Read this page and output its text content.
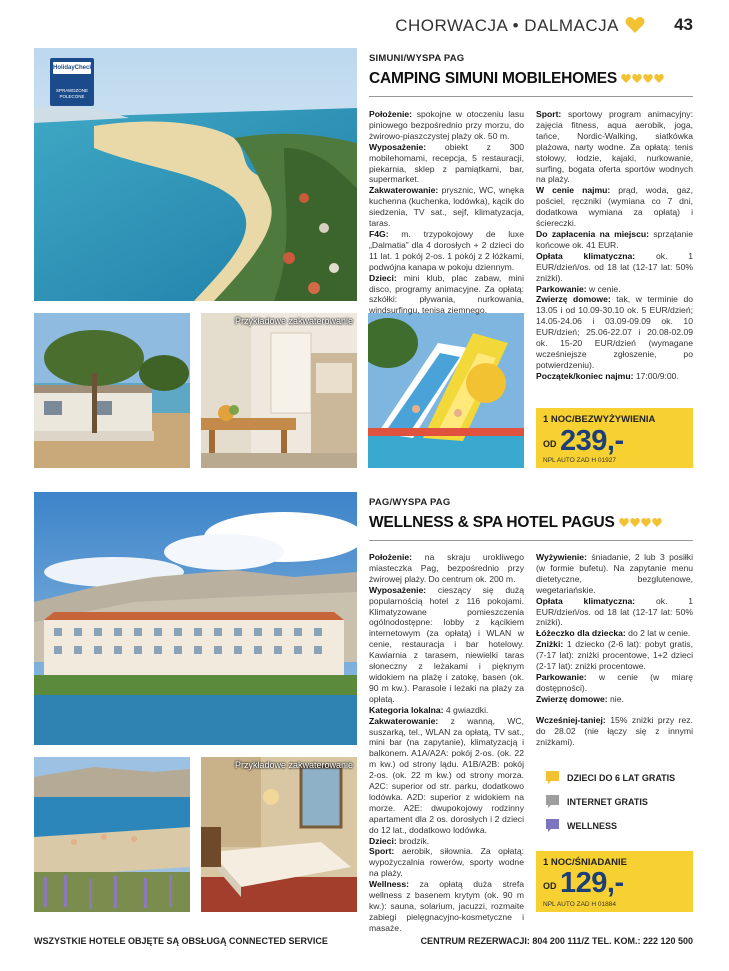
CHORWACJA • DALMACJA	43
HolidayCheck
SPRAWDZONE
POLECONE
Przykładowe zakwaterowanie
SIMUNI/WYSPA PAG
CAMPING SIMUNI MOBILEHOMES

Położenie: spokojne w otoczeniu lasu piniowego bezpośrednio przy morzu, do żwirowo-piaszczystej plaży ok. 50 m.

Wyposażenie: obiekt z 300 mobilehomami, recepcja, 5 restauracji, piekarnia, sklep z pamiątkami, bar, supermarket.

Zakwaterowanie: prysznic, WC, wnęka kuchenna (kuchenka, lodówka), kącik do siedzenia, TV sat., sejf, klimatyzacja, taras.

F4G: m. trzypokojowy de luxe „Dalmatia” dla 4 dorosłych + 2 dzieci do 11 lat. 1 pokój 2-os. 1 pokój z 2 łóżkami, podwójna kanapa w pokoju dziennym.

Dzieci: mini klub, plac zabaw, mini disco, programy animacyjne. Za opłatą: szkółki: pływania, nurkowania, windsurfingu, tenisa ziemnego.

Sport: sportowy program animacyjny: zajęcia fitness, aqua aerobik, joga, tańce, Nordic-Walking, siatkówka plażowa, narty wodne. Za opłatą: tenis stołowy, łodzie, kajaki, nurkowanie, surfing, bogata oferta sportów wodnych na plaży.

W cenie najmu: prąd, woda, gaz, pościel, ręczniki (wymiana co 7 dni, dodatkowa wymiana za opłatą) i ściereczki.

Do zapłacenia na miejscu: sprzątanie końcowe ok. 41 EUR.

Opłata klimatyczna: ok. 1 EUR/dzień/os. od 18 lat (12-17 lat: 50% zniżki).

Parkowanie: w cenie.

Zwierzę domowe: tak, w terminie do 13.05 i od 10.09-30.10 ok. 5 EUR/dzień; 14.05-24.06 i 03.09-09.09 ok. 10 EUR/dzień; 25.06-22.07 i 20.08-02.09 ok. 15-20 EUR/dzień (wymagane wcześniejsze zgłoszenie, po potwierdzeniu).

Początek/koniec najmu: 17:00/9:00.

1 NOC/BEZWYŻYWIENIA
OD 239,-
NPL AUTO ZAD H 01927
Przykładowe zakwaterowanie
PAG/WYSPA PAG
WELLNESS & SPA HOTEL PAGUS

Położenie: na skraju urokliwego miasteczka Pag, bezpośrednio przy żwirowej plaży. Do centrum ok. 200 m.

Wyposażenie: cieszący się dużą popularnością hotel z 116 pokojami. Klimatyzowane pomieszczenia ogólnodostępne: lobby z kącikiem internetowym (za opłatą) i WLAN w cenie, restauracja i bar hotelowy. Kawiarnia z tarasem, niewielki taras słoneczny z leżakami i pięknym widokiem na plażę i zatokę, basen (ok. 90 m kw.). Parasole i leżaki na plaży za opłatą.

Kategoria lokalna: 4 gwiazdki.

Zakwaterowanie: z wanną, WC, suszarką, tel., WLAN za opłatą, TV sat., mini bar (na zapytanie), klimatyzacją i balkonem. A1A/A2A: pokój 2-os. (ok. 22 m kw.) od strony lądu. A1B/A2B: pokój 2-os. (ok. 22 m kw.) od strony morza. A2C: superior od str. parku, dodatkowo lodówka. A2D: superior z widokiem na morze. A2E: dwupokojowy rodzinny apartament dla 2 os. dorosłych i 2 dzieci do 12 lat., dodatkowo lodówka.

Dzieci: brodzik.

Sport: aerobik, siłownia. Za opłatą: wypożyczalnia rowerów, sporty wodne na plaży.

Wellness: za opłatą duża strefa wellness z basenem krytym (ok. 90 m kw.): sauna, solarium, jacuzzi, rozmaite zabiegi pielęgnacyjno-kosmetyczne i masaże.

Wyżywienie: śniadanie, 2 lub 3 posiłki (w formie bufetu). Na zapytanie menu dietetyczne, bezglutenowe, wegetariańskie.

Opłata klimatyczna: ok. 1 EUR/dzień/os. od 18 lat (12-17 lat: 50% zniżki).

Łóżeczko dla dziecka: do 2 lat w cenie.

Zniżki: 1 dziecko (2-6 lat): pobyt gratis, (7-17 lat): zniżki procentowe, 1+2 dzieci (2-17 lat): zniżki procentowe.

Parkowanie: w cenie (w miarę dostępności).

Zwierzę domowe: nie.

Wcześniej-taniej: 15% zniżki przy rez. do 28.02 (nie łączy się z innymi zniżkami).

DZIECI DO 6 LAT GRATIS
INTERNET GRATIS
WELLNESS
1 NOC/ŚNIADANIE
OD 129,-
NPL AUTO ZAD H 01884
WSZYSTKIE HOTELE OBJĘTE SĄ OBSŁUGĄ CONNECTED SERVICE	CENTRUM REZERWACJI: 804 200 111/Z TEL. KOM.: 222 120 500
